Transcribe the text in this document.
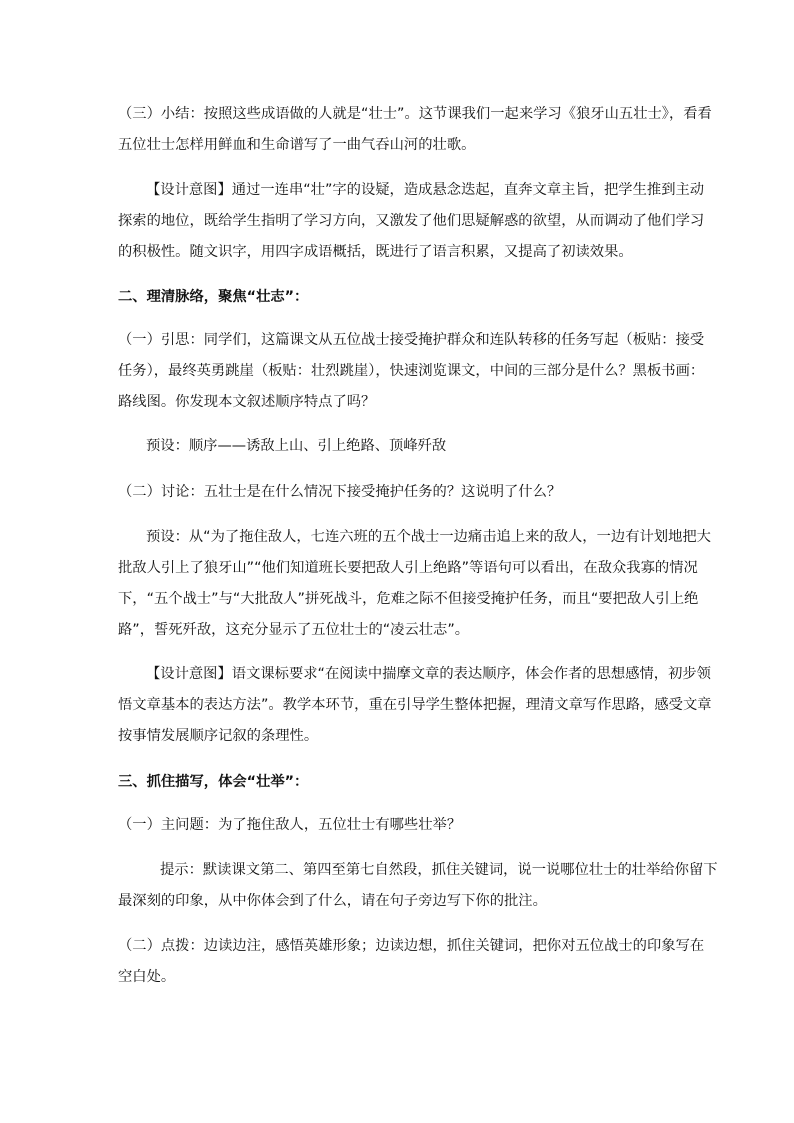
（三）小结：按照这些成语做的人就是“壮士”。这节课我们一起来学习《狼牙山五壮士》，看看五位壮士怎样用鲜血和生命谱写了一曲气吞山河的壮歌。

【设计意图】通过一连串“壮”字的设疑，造成悬念迭起，直奔文章主旨，把学生推到主动探索的地位，既给学生指明了学习方向，又激发了他们思疑解惑的欲望，从而调动了他们学习的积极性。随文识字，用四字成语概括，既进行了语言积累，又提高了初读效果。

二、理清脉络，聚焦“壮志”：

（一）引思：同学们，这篇课文从五位战士接受掩护群众和连队转移的任务写起（板贴：接受任务），最终英勇跳崖（板贴：壮烈跳崖），快速浏览课文，中间的三部分是什么？黑板书画：路线图。你发现本文叙述顺序特点了吗？

预设：顺序——诱敌上山、引上绝路、顶峰歼敌

（二）讨论：五壮士是在什么情况下接受掩护任务的？这说明了什么？

预设：从“为了拖住敌人，七连六班的五个战士一边痛击追上来的敌人，一边有计划地把大批敌人引上了狼牙山”“他们知道班长要把敌人引上绝路”等语句可以看出，在敌众我寡的情况下，“五个战士”与“大批敌人”拼死战斗，危难之际不但接受掩护任务，而且“要把敌人引上绝路”，誓死歼敌，这充分显示了五位壮士的“凌云壮志”。

【设计意图】语文课标要求“在阅读中揣摩文章的表达顺序，体会作者的思想感情，初步领悟文章基本的表达方法”。教学本环节，重在引导学生整体把握，理清文章写作思路，感受文章按事情发展顺序记叙的条理性。

三、抓住描写，体会“壮举”：

（一）主问题：为了拖住敌人，五位壮士有哪些壮举？

提示：默读课文第二、第四至第七自然段，抓住关键词，说一说哪位壮士的壮举给你留下最深刻的印象，从中你体会到了什么，请在句子旁边写下你的批注。

（二）点拨：边读边注，感悟英雄形象；边读边想，抓住关键词，把你对五位战士的印象写在空白处。
